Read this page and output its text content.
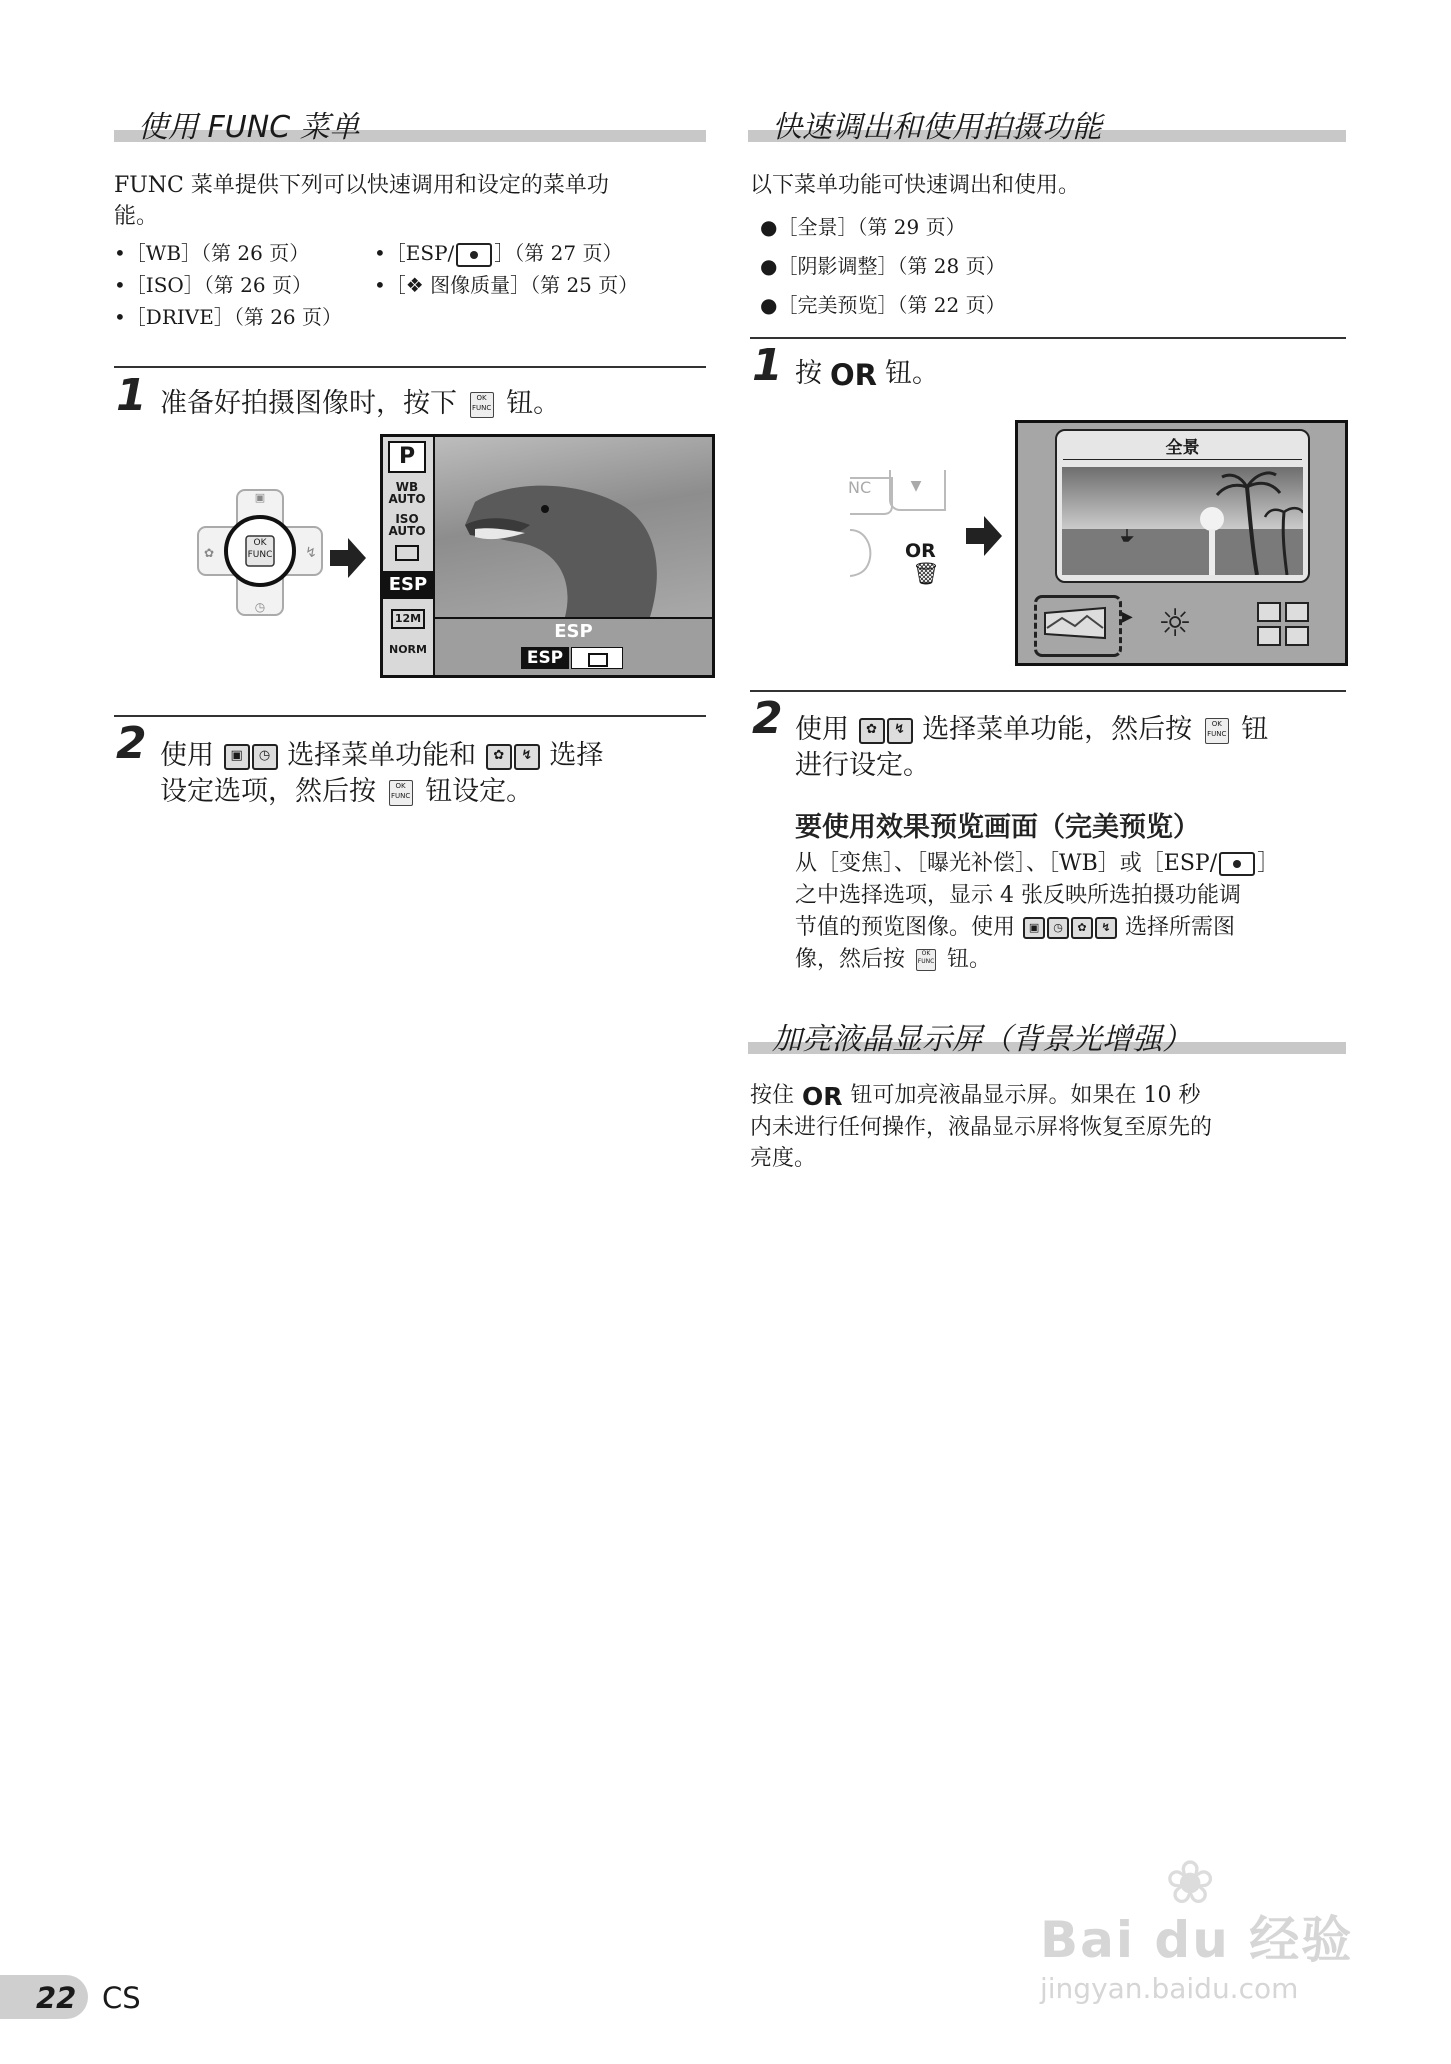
使用 FUNC 菜单
FUNC 菜单提供下列可以快速调用和设定的菜单功
能。
•［WB］（第 26 页）
•［ISO］（第 26 页）
•［DRIVE］（第 26 页）
•［ESP/ ］（第 27 页）
•［❖ 图像质量］（第 25 页）
1 准备好拍摄图像时，按下	OK
FUNC 钮。
▣
◷
✿	↯
OK
FUNC
P
WB
AUTO
ISO
AUTO
ESP
12M
NORM
ESP
ESP
2 使用 ▣ ◷ 选择菜单功能和 ✿ ↯ 选择
设定选项，然后按	OK
FUNC 钮设定。
快速调出和使用拍摄功能
以下菜单功能可快速调出和使用。
●［全景］（第 29 页）
●［阴影调整］（第 28 页）
●［完美预览］（第 22 页）
1 按 OR 钮。
▼
NC
OR
🗑
全景
▶ ☼
2 使用 ✿ ↯ 选择菜单功能，然后按	OK
FUNC 钮
进行设定。
要使用效果预览画面（完美预览）
从［变焦］、［曝光补偿］、［WB］或［ESP/ ］
之中选择选项，显示 4 张反映所选拍摄功能调
节值的预览图像。使用 ▣ ◷ ✿ ↯ 选择所需图
像，然后按	OK
FUNC 钮。
加亮液晶显示屏（背景光增强）
按住 OR 钮可加亮液晶显示屏。如果在 10 秒
内未进行任何操作，液晶显示屏将恢复至原先的
亮度。
❀
Bai du 经验
jingyan.baidu.com
22 CS
